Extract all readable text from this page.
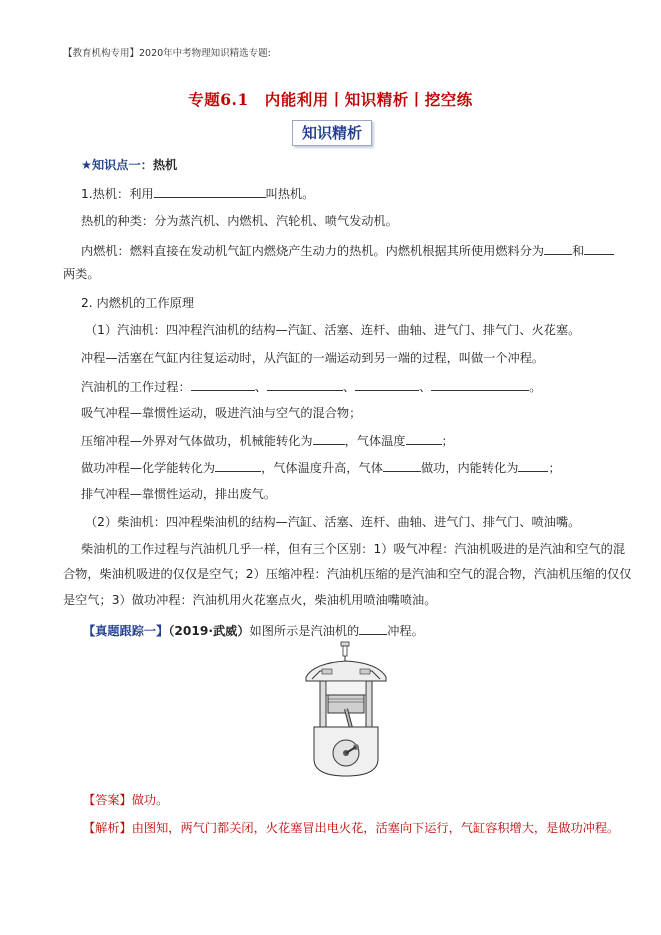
【教育机构专用】2020年中考物理知识精选专题:
专题6.1　内能利用丨知识精析丨挖空练
知识精析
★知识点一：热机
1.热机：利用	叫热机。
热机的种类：分为蒸汽机、内燃机、汽轮机、喷气发动机。
内燃机：燃料直接在发动机气缸内燃烧产生动力的热机。内燃机根据其所使用燃料分为 和
两类。
2. 内燃机的工作原理
（1）汽油机：四冲程汽油机的结构—汽缸、活塞、连杆、曲轴、进气门、排气门、火花塞。
冲程—活塞在气缸内往复运动时，从汽缸的一端运动到另一端的过程，叫做一个冲程。
汽油机的工作过程：	、	、	、	。
吸气冲程—靠惯性运动，吸进汽油与空气的混合物；
压缩冲程—外界对气体做功，机械能转化为	，气体温度	；
做功冲程—化学能转化为	，气体温度升高，气体	做功，内能转化为 ；
排气冲程—靠惯性运动，排出废气。
（2）柴油机：四冲程柴油机的结构—汽缸、活塞、连杆、曲轴、进气门、排气门、喷油嘴。
柴油机的工作过程与汽油机几乎一样，但有三个区别：1）吸气冲程：汽油机吸进的是汽油和空气的混
合物，柴油机吸进的仅仅是空气；2）压缩冲程：汽油机压缩的是汽油和空气的混合物，汽油机压缩的仅仅
是空气；3）做功冲程：汽油机用火花塞点火，柴油机用喷油嘴喷油。
【真题跟踪一】（2019·武威）如图所示是汽油机的 冲程。
【答案】做功。
【解析】由图知，两气门都关闭，火花塞冒出电火花，活塞向下运行，气缸容积增大，是做功冲程。
